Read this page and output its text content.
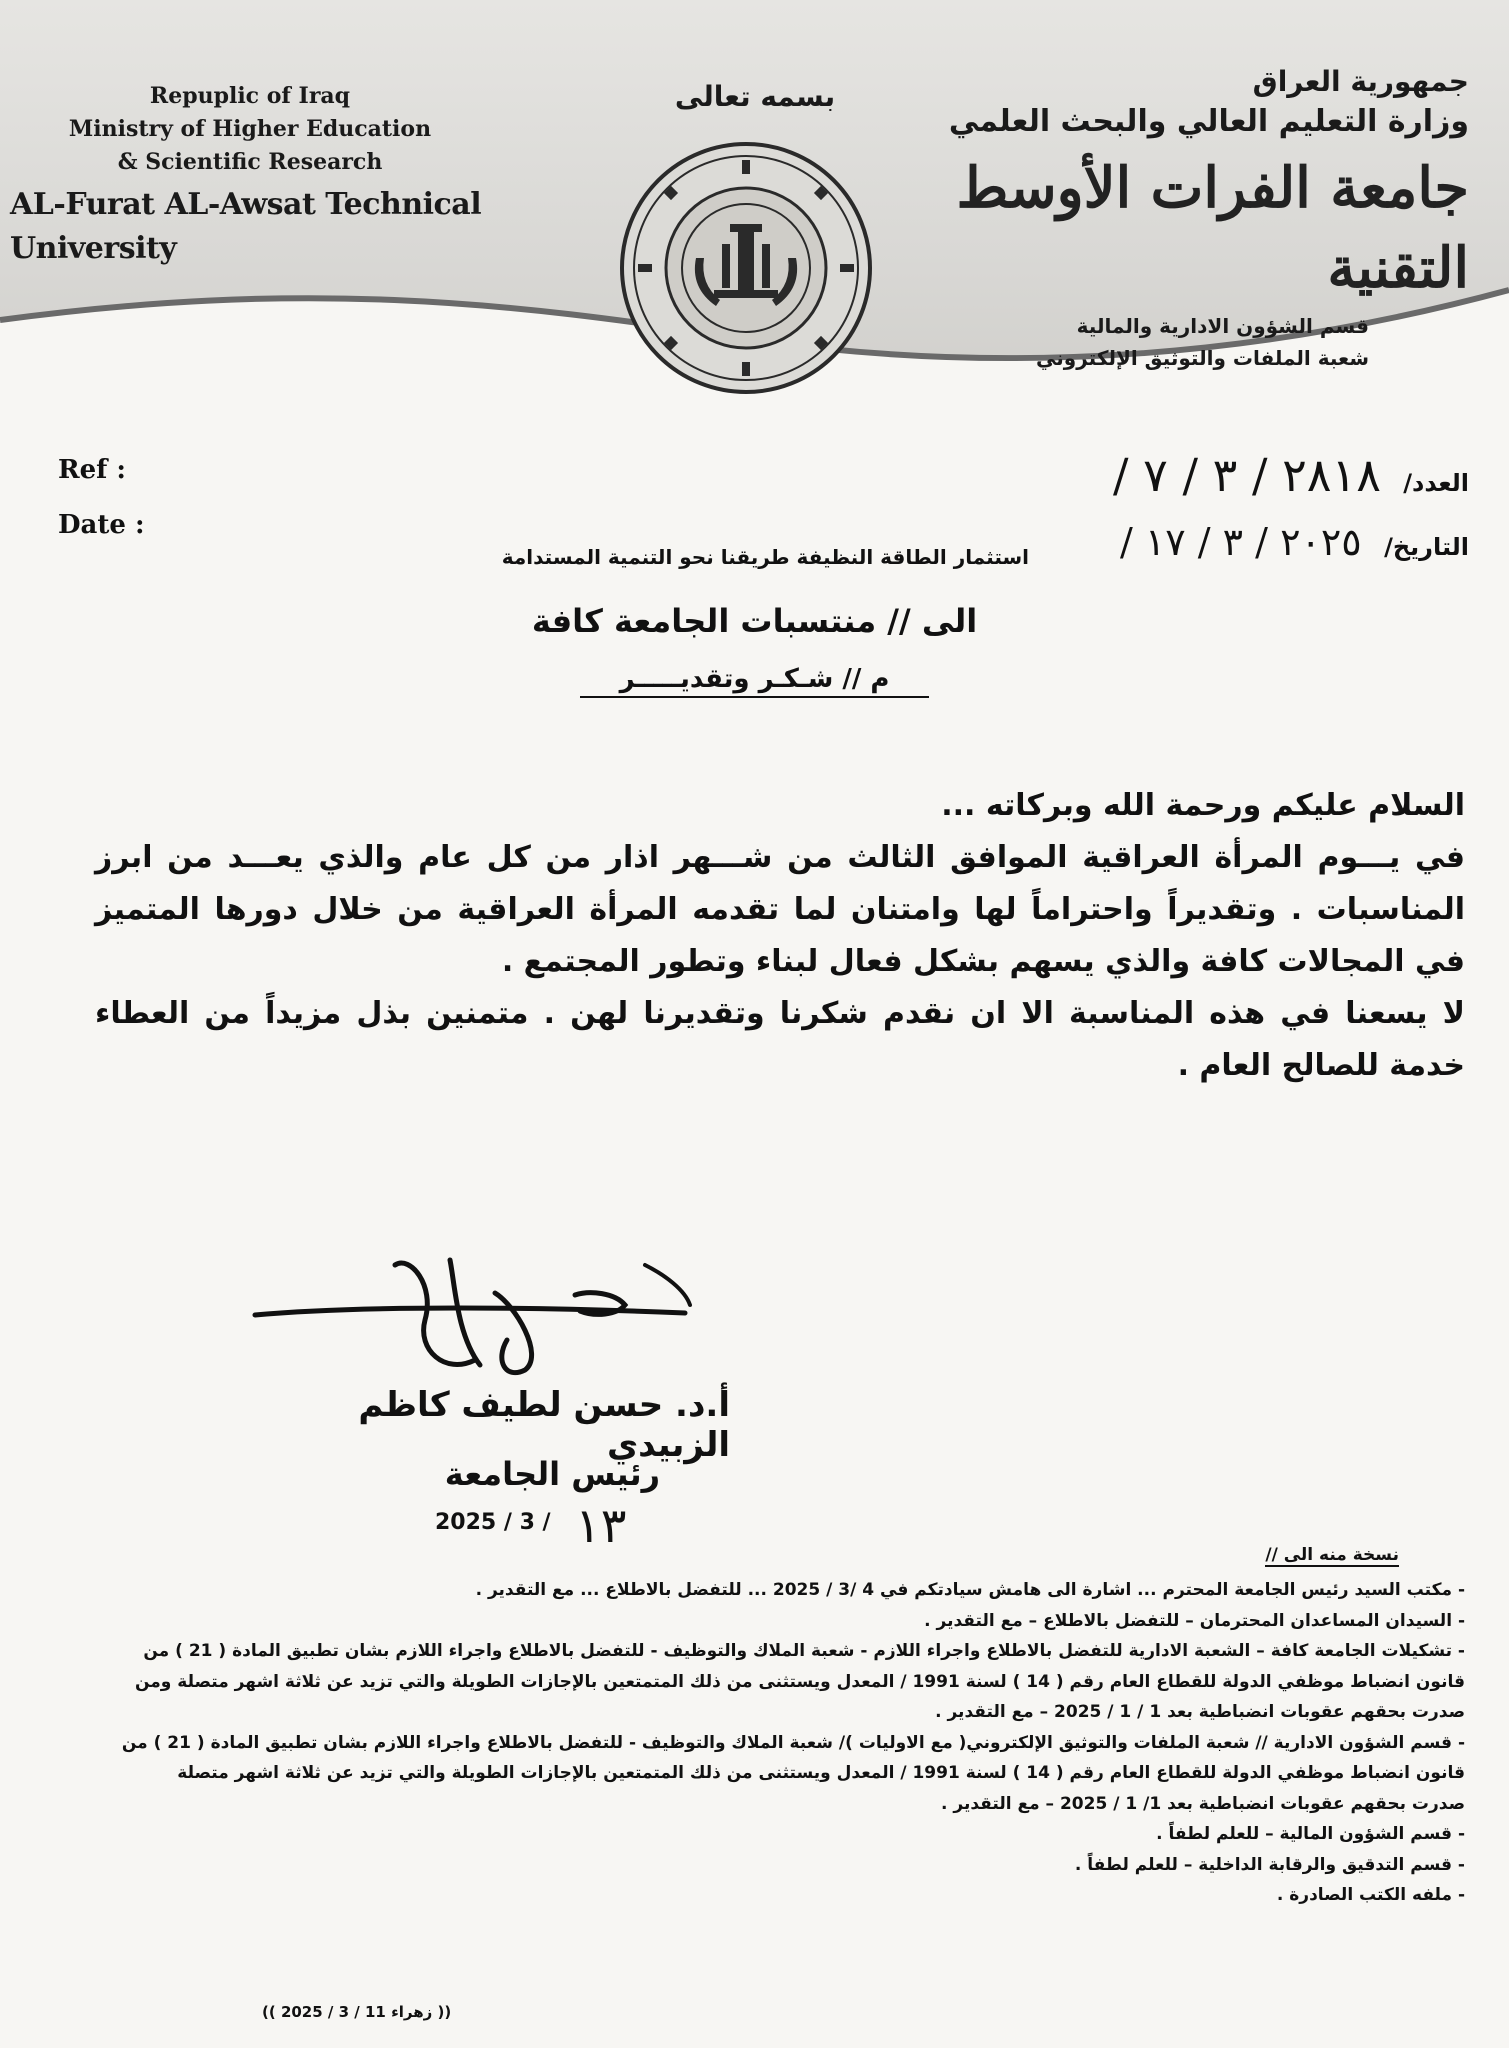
Repuplic of Iraq
Ministry of Higher Education
& Scientific Research
AL-Furat AL-Awsat Technical University
بسمه تعالى	جمهورية العراق
وزارة التعليم العالي والبحث العلمي
جامعة الفرات الأوسط التقنية
قسم الشؤون الادارية والمالية
شعبة الملفات والتوثيق الإلكتروني
Ref :
Date :
العدد/ ٢٨١٨ / ٣ / ٧ /
التاريخ/ ٢٠٢٥ / ٣ / ١٧ /
استثمار الطاقة النظيفة طريقنا نحو التنمية المستدامة
الى // منتسبات الجامعة كافة
م // شـكـر وتقديـــــر

السلام عليكم ورحمة الله وبركاته ...

في يـــوم المرأة العراقية الموافق الثالث من شـــهر اذار من كل عام والذي يعـــد من ابرز المناسبات . وتقديراً واحتراماً لها وامتنان لما تقدمه المرأة العراقية من خلال دورها المتميز في المجالات كافة والذي يسهم بشكل فعال لبناء وتطور المجتمع .

لا يسعنا في هذه المناسبة الا ان نقدم شكرنا وتقديرنا لهن . متمنين بذل مزيداً من العطاء خدمة للصالح العام .

أ.د. حسن لطيف كاظم الزبيدي
رئيس الجامعة
2025 / 3 / ١٣
نسخة منه الى //

- مكتب السيد رئيس الجامعة المحترم ... اشارة الى هامش سيادتكم في 4 /3 / 2025 ... للتفضل بالاطلاع ... مع التقدير .

- السيدان المساعدان المحترمان – للتفضل بالاطلاع – مع التقدير .

- تشكيلات الجامعة كافة – الشعبة الادارية للتفضل بالاطلاع واجراء اللازم - شعبة الملاك والتوظيف - للتفضل بالاطلاع واجراء اللازم بشان تطبيق المادة ( 21 ) من قانون انضباط موظفي الدولة للقطاع العام رقم ( 14 ) لسنة 1991 / المعدل ويستثنى من ذلك المتمتعين بالإجازات الطويلة والتي تزيد عن ثلاثة اشهر متصلة ومن صدرت بحقهم عقوبات انضباطية بعد 1 / 1 / 2025 – مع التقدير .

- قسم الشؤون الادارية // شعبة الملفات والتوثيق الإلكتروني( مع الاوليات )/ شعبة الملاك والتوظيف - للتفضل بالاطلاع واجراء اللازم بشان تطبيق المادة ( 21 ) من قانون انضباط موظفي الدولة للقطاع العام رقم ( 14 ) لسنة 1991 / المعدل ويستثنى من ذلك المتمتعين بالإجازات الطويلة والتي تزيد عن ثلاثة اشهر متصلة صدرت بحقهم عقوبات انضباطية بعد 1/ 1 / 2025 – مع التقدير .

- قسم الشؤون المالية – للعلم لطفاً .

- قسم التدقيق والرقابة الداخلية – للعلم لطفاً .

- ملفه الكتب الصادرة .

(( زهراء 11 / 3 / 2025 ))
